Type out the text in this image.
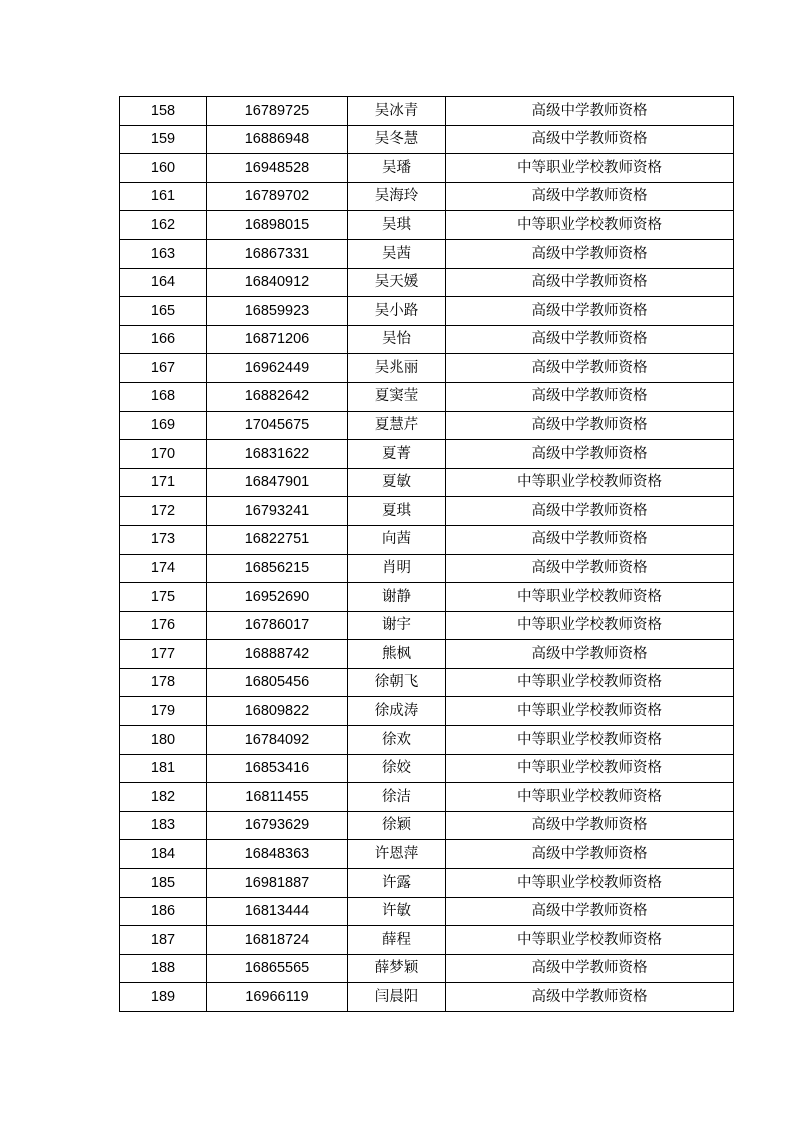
158	16789725	吴冰青	高级中学教师资格
159	16886948	吴冬慧	高级中学教师资格
160	16948528	吴璠	中等职业学校教师资格
161	16789702	吴海玲	高级中学教师资格
162	16898015	吴琪	中等职业学校教师资格
163	16867331	吴茜	高级中学教师资格
164	16840912	吴天媛	高级中学教师资格
165	16859923	吴小路	高级中学教师资格
166	16871206	吴怡	高级中学教师资格
167	16962449	吴兆丽	高级中学教师资格
168	16882642	夏窦莹	高级中学教师资格
169	17045675	夏慧芹	高级中学教师资格
170	16831622	夏菁	高级中学教师资格
171	16847901	夏敏	中等职业学校教师资格
172	16793241	夏琪	高级中学教师资格
173	16822751	向茜	高级中学教师资格
174	16856215	肖明	高级中学教师资格
175	16952690	谢静	中等职业学校教师资格
176	16786017	谢宇	中等职业学校教师资格
177	16888742	熊枫	高级中学教师资格
178	16805456	徐朝飞	中等职业学校教师资格
179	16809822	徐成涛	中等职业学校教师资格
180	16784092	徐欢	中等职业学校教师资格
181	16853416	徐姣	中等职业学校教师资格
182	16811455	徐洁	中等职业学校教师资格
183	16793629	徐颖	高级中学教师资格
184	16848363	许恩萍	高级中学教师资格
185	16981887	许露	中等职业学校教师资格
186	16813444	许敏	高级中学教师资格
187	16818724	薛程	中等职业学校教师资格
188	16865565	薛梦颖	高级中学教师资格
189	16966119	闫晨阳	高级中学教师资格
